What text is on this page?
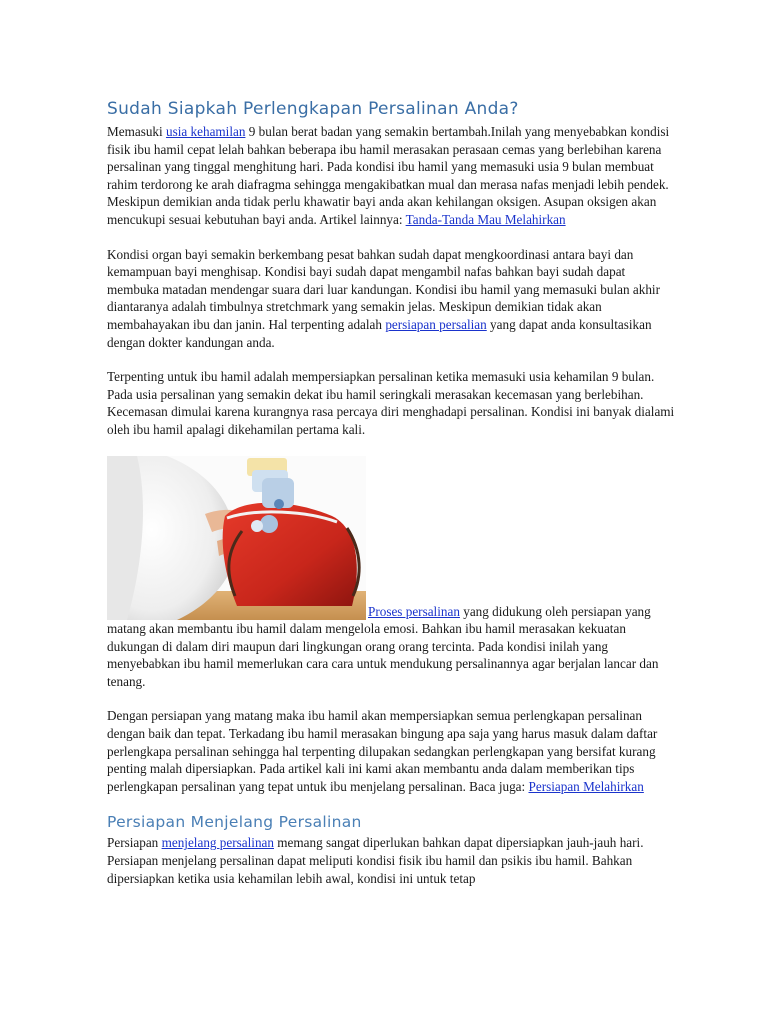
Sudah Siapkah Perlengkapan Persalinan Anda?

Memasuki usia kehamilan 9 bulan berat badan yang semakin bertambah.Inilah yang menyebabkan kondisi fisik ibu hamil cepat lelah bahkan beberapa ibu hamil merasakan perasaan cemas yang berlebihan karena persalinan yang tinggal menghitung hari. Pada kondisi ibu hamil yang memasuki usia 9 bulan membuat rahim terdorong ke arah diafragma sehingga mengakibatkan mual dan merasa nafas menjadi lebih pendek. Meskipun demikian anda tidak perlu khawatir bayi anda akan kehilangan oksigen. Asupan oksigen akan mencukupi sesuai kebutuhan bayi anda. Artikel lainnya: Tanda-Tanda Mau Melahirkan

Kondisi organ bayi semakin berkembang pesat bahkan sudah dapat mengkoordinasi antara bayi dan kemampuan bayi menghisap. Kondisi bayi sudah dapat mengambil nafas bahkan bayi sudah dapat membuka matadan mendengar suara dari luar kandungan. Kondisi ibu hamil yang memasuki bulan akhir diantaranya adalah timbulnya stretchmark yang semakin jelas. Meskipun demikian tidak akan membahayakan ibu dan janin. Hal terpenting adalah persiapan persalian yang dapat anda konsultasikan dengan dokter kandungan anda.

Terpenting untuk ibu hamil adalah mempersiapkan persalinan ketika memasuki usia kehamilan 9 bulan. Pada usia persalinan yang semakin dekat ibu hamil seringkali merasakan kecemasan yang berlebihan. Kecemasan dimulai karena kurangnya rasa percaya diri menghadapi persalinan. Kondisi ini banyak dialami oleh ibu hamil apalagi dikehamilan pertama kali.

Proses persalinan yang didukung oleh persiapan yang matang akan membantu ibu hamil dalam mengelola emosi. Bahkan ibu hamil merasakan kekuatan dukungan di dalam diri maupun dari lingkungan orang orang tercinta. Pada kondisi inilah yang menyebabkan ibu hamil memerlukan cara cara untuk mendukung persalinannya agar berjalan lancar dan tenang.

Dengan persiapan yang matang maka ibu hamil akan mempersiapkan semua perlengkapan persalinan dengan baik dan tepat. Terkadang ibu hamil merasakan bingung apa saja yang harus masuk dalam daftar perlengkapa persalinan sehingga hal terpenting dilupakan sedangkan perlengkapan yang bersifat kurang penting malah dipersiapkan. Pada artikel kali ini kami akan membantu anda dalam memberikan tips perlengkapan persalinan yang tepat untuk ibu menjelang persalinan. Baca juga: Persiapan Melahirkan

Persiapan Menjelang Persalinan

Persiapan menjelang persalinan memang sangat diperlukan bahkan dapat dipersiapkan jauh-jauh hari. Persiapan menjelang persalinan dapat meliputi kondisi fisik ibu hamil dan psikis ibu hamil. Bahkan dipersiapkan ketika usia kehamilan lebih awal, kondisi ini untuk tetap
